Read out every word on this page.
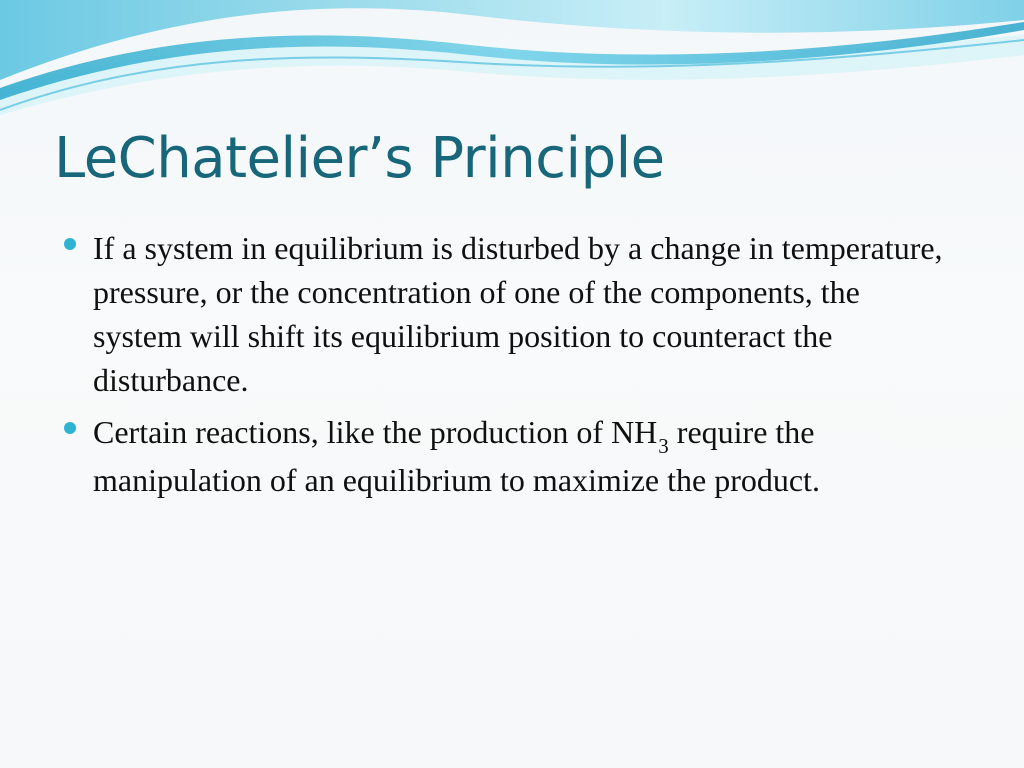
LeChatelier’s Principle
If a system in equilibrium is disturbed by a change in temperature, pressure, or the concentration of one of the components, the system will shift its equilibrium position to counteract the disturbance.
Certain reactions, like the production of $NH_3$ require the manipulation of an equilibrium to maximize the product.
